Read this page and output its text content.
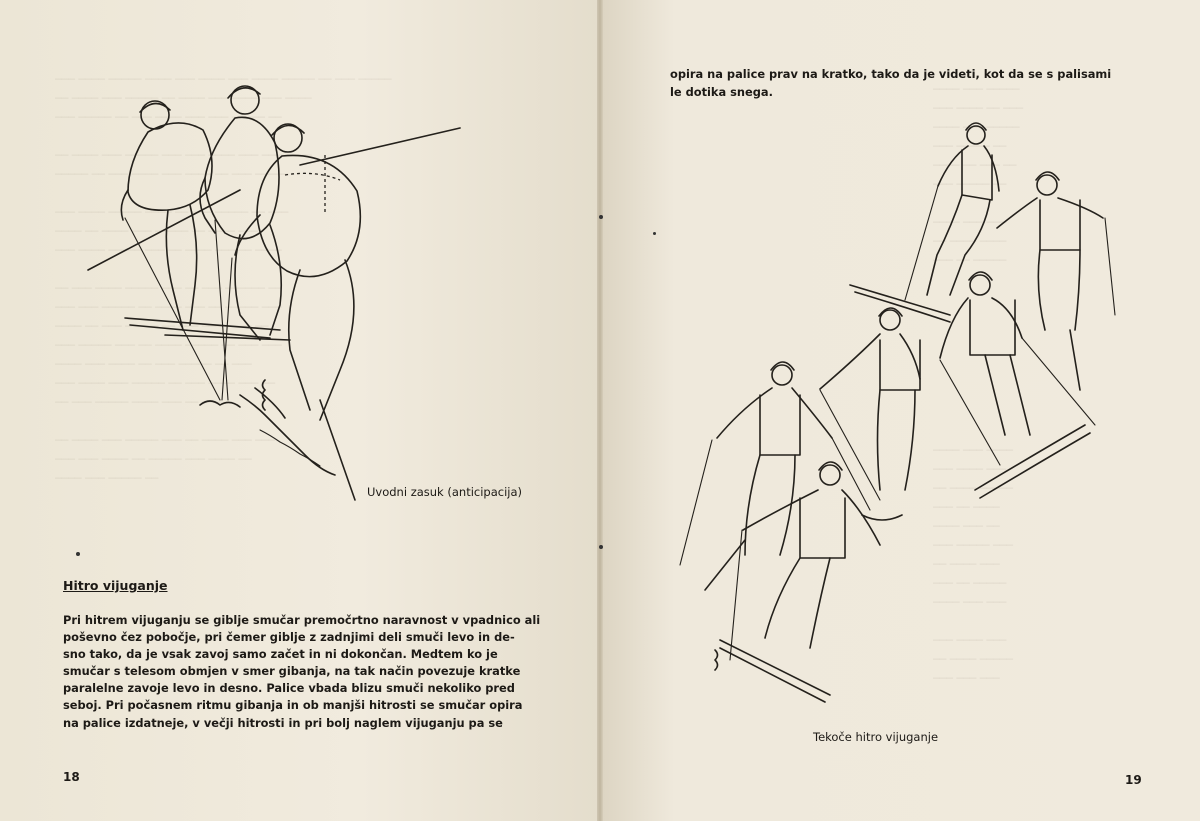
─── ──── ───── ──── ─── ──── ─── ──── ───── ── ─── ─────
── ──── ─── ───── ── ──── ─── ──── ─── ────
─── ───── ── ─── ──── ─── ─── ───── ──

── ──── ─── ───── ─── ─── ──── ─── ──── ───
───── ── ─── ──── ─── ──── ── ─── ─────

─── ──── ───── ──── ── ─── ───── ── ───
──── ── ──── ─── ───── ── ──── ───
─── ──── ───── ─── ── ──── ─── ── ────

── ─── ──── ───── ─── ── ─── ────── ──
─── ─── ───── ── ──── ─── ── ───── ───
──── ── ─── ───── ── ─── ─── ──── ──
─── ───── ─── ── ──── ───── ── ─── ───
──── ─── ──── ── ─── ───── ── ───
─── ──── ─── ───── ── ─── ──── ─── ──
── ─── ───── ──── ─── ── ───

── ──── ─── ───── ─── ── ──── ─── ───
─── ─── ──── ── ───── ─── ──── ──
──── ─── ───── ──
Uvodni zasuk (anticipacija)
Hitro vijuganje
Pri hitrem vijuganju se giblje smučar premočrtno naravnost v vpadnico ali
poševno čez pobočje, pri čemer giblje z zadnjimi deli smuči levo in de-
sno tako, da je vsak zavoj samo začet in ni dokončan. Medtem ko je
smučar s telesom obmjen v smer gibanja, na tak način povezuje kratke
paralelne zavoje levo in desno. Palice vbada blizu smuči nekoliko pred
seboj. Pri počasnem ritmu gibanja in ob manjši hitrosti se smučar opira
na palice izdatneje, v večji hitrosti in pri bolj naglem vijuganju pa se
18
──── ─── ─────
─── ──── ── ───
──── ─── ─────
─── ───── ──
──── ── ─── ──
─── ───── ──

──── ─── ───
── ──── ────
─── ── ─────

──── ─── ────
─── ──── ───
── ──── ─────
─── ── ────
──── ─── ──
─── ───── ───
── ──── ───
─── ── ─────
──── ─── ───

─── ──── ───
── ──── ─────
─── ─── ───
opira na palice prav na kratko, tako da je videti, kot da se s palisami
le dotika snega.
Tekoče hitro vijuganje
19
